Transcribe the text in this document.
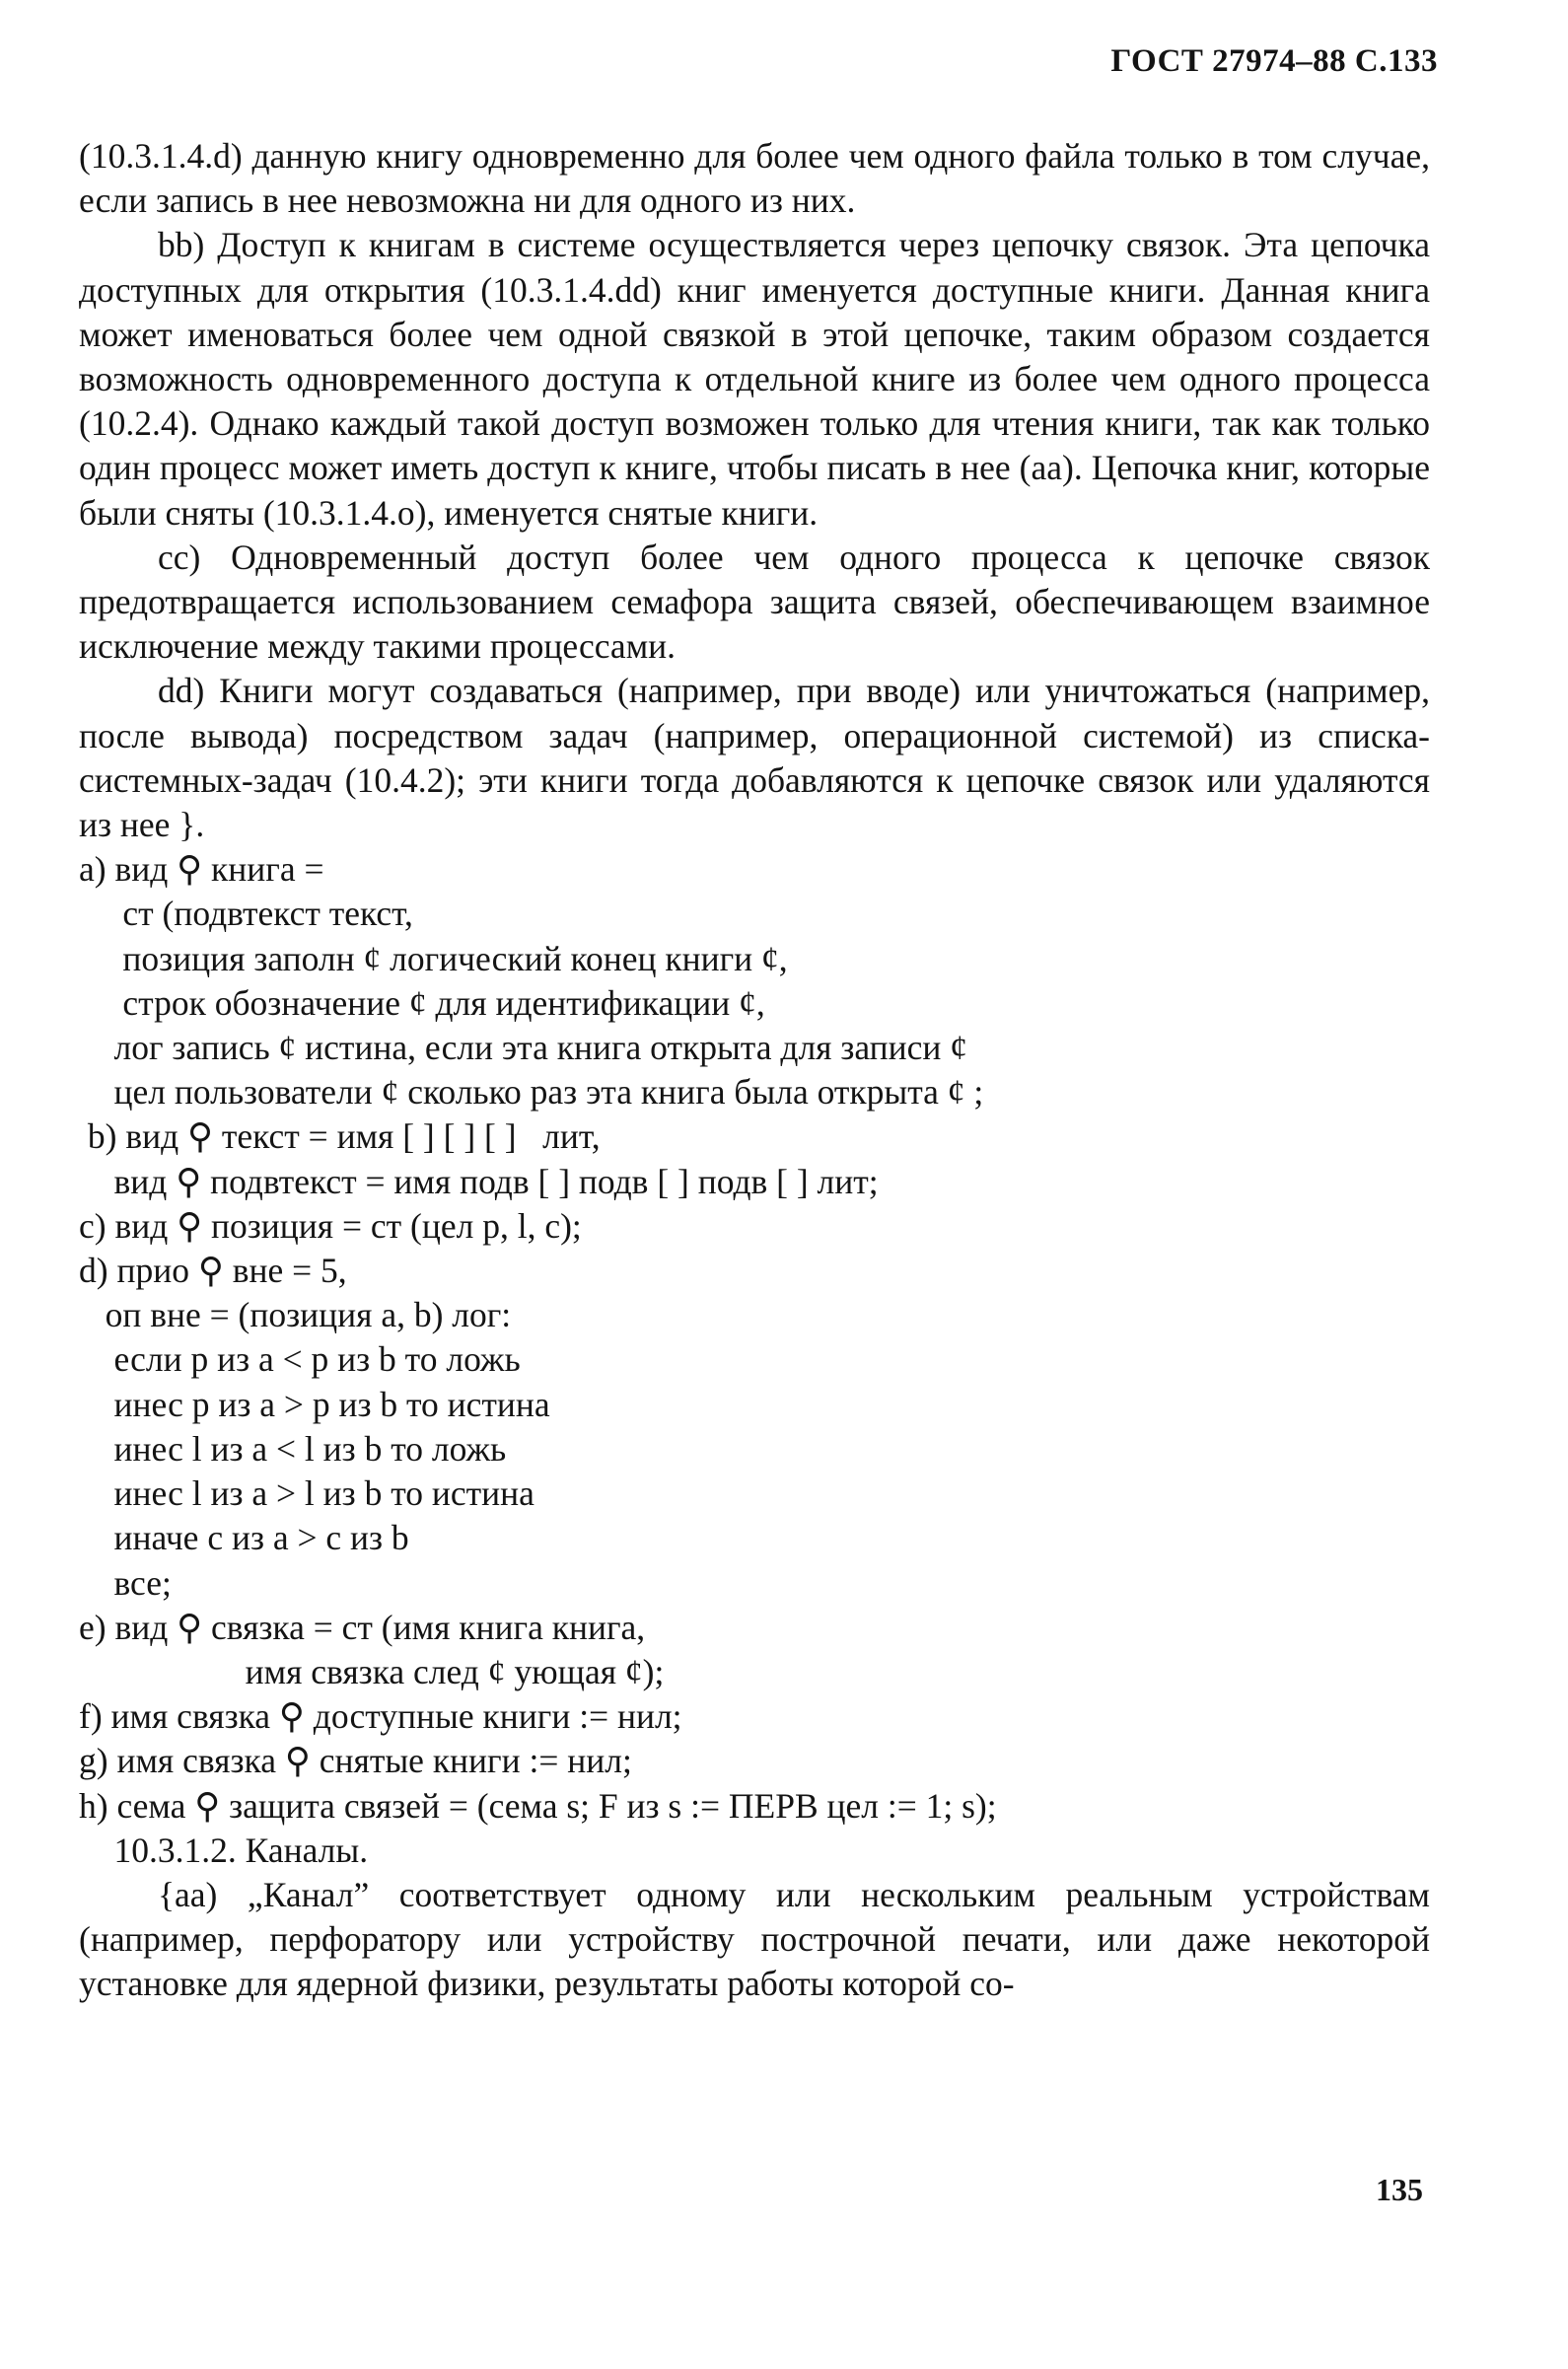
ГОСТ 27974–88 С.133
(10.3.1.4.d) данную книгу одновременно для более чем одного файла только в том случае, если запись в нее невозможна ни для одного из них.
bb) Доступ к книгам в системе осуществляется через цепочку связок. Эта цепочка доступных для открытия (10.3.1.4.dd) книг именуется доступные книги. Данная книга может именоваться более чем одной связкой в этой цепочке, таким образом создается возможность одновременного доступа к отдельной книге из более чем одного процесса (10.2.4). Однако каждый такой доступ возможен только для чтения книги, так как только один процесс может иметь доступ к книге, чтобы писать в нее (aa). Цепочка книг, которые были сняты (10.3.1.4.o), именуется снятые книги.
cc) Одновременный доступ более чем одного процесса к цепочке связок предотвращается использованием семафора защита связей, обеспечивающем взаимное исключение между такими процессами.
dd) Книги могут создаваться (например, при вводе) или уничтожаться (например, после вывода) посредством задач (например, операционной системой) из списка-системных-задач (10.4.2); эти книги тогда добавляются к цепочке связок или удаляются из нее }.
a) вид ⚲ книга =
ст (подвтекст текст,
позиция заполн ¢ логический конец книги ¢,
строк обозначение ¢ для идентификации ¢,
лог запись ¢ истина, если эта книга открыта для записи ¢
цел пользователи ¢ сколько раз эта книга была открыта ¢ ;
b) вид ⚲ текст = имя [ ] [ ] [ ]   лит,
вид ⚲ подвтекст = имя подв [ ] подв [ ] подв [ ] лит;
c) вид ⚲ позиция = ст (цел p, l, c);
d) прио ⚲ вне = 5,
оп вне = (позиция a, b) лог:
если p из a < p из b то ложь
инес p из a > p из b то истина
инес l из a < l из b то ложь
инес l из a > l из b то истина
иначе c из a > c из b
все;
e) вид ⚲ связка = ст (имя книга книга,
имя связка след ¢ ующая ¢);
f) имя связка ⚲ доступные книги := нил;
g) имя связка ⚲ снятые книги := нил;
h) сема ⚲ защита связей = (сема s; F из s := ПЕРВ цел := 1; s);
10.3.1.2. Каналы.
{aa) „Канал” соответствует одному или нескольким реальным устройствам (например, перфоратору или устройству построчной печати, или даже некоторой установке для ядерной физики, результаты работы которой со-
135
